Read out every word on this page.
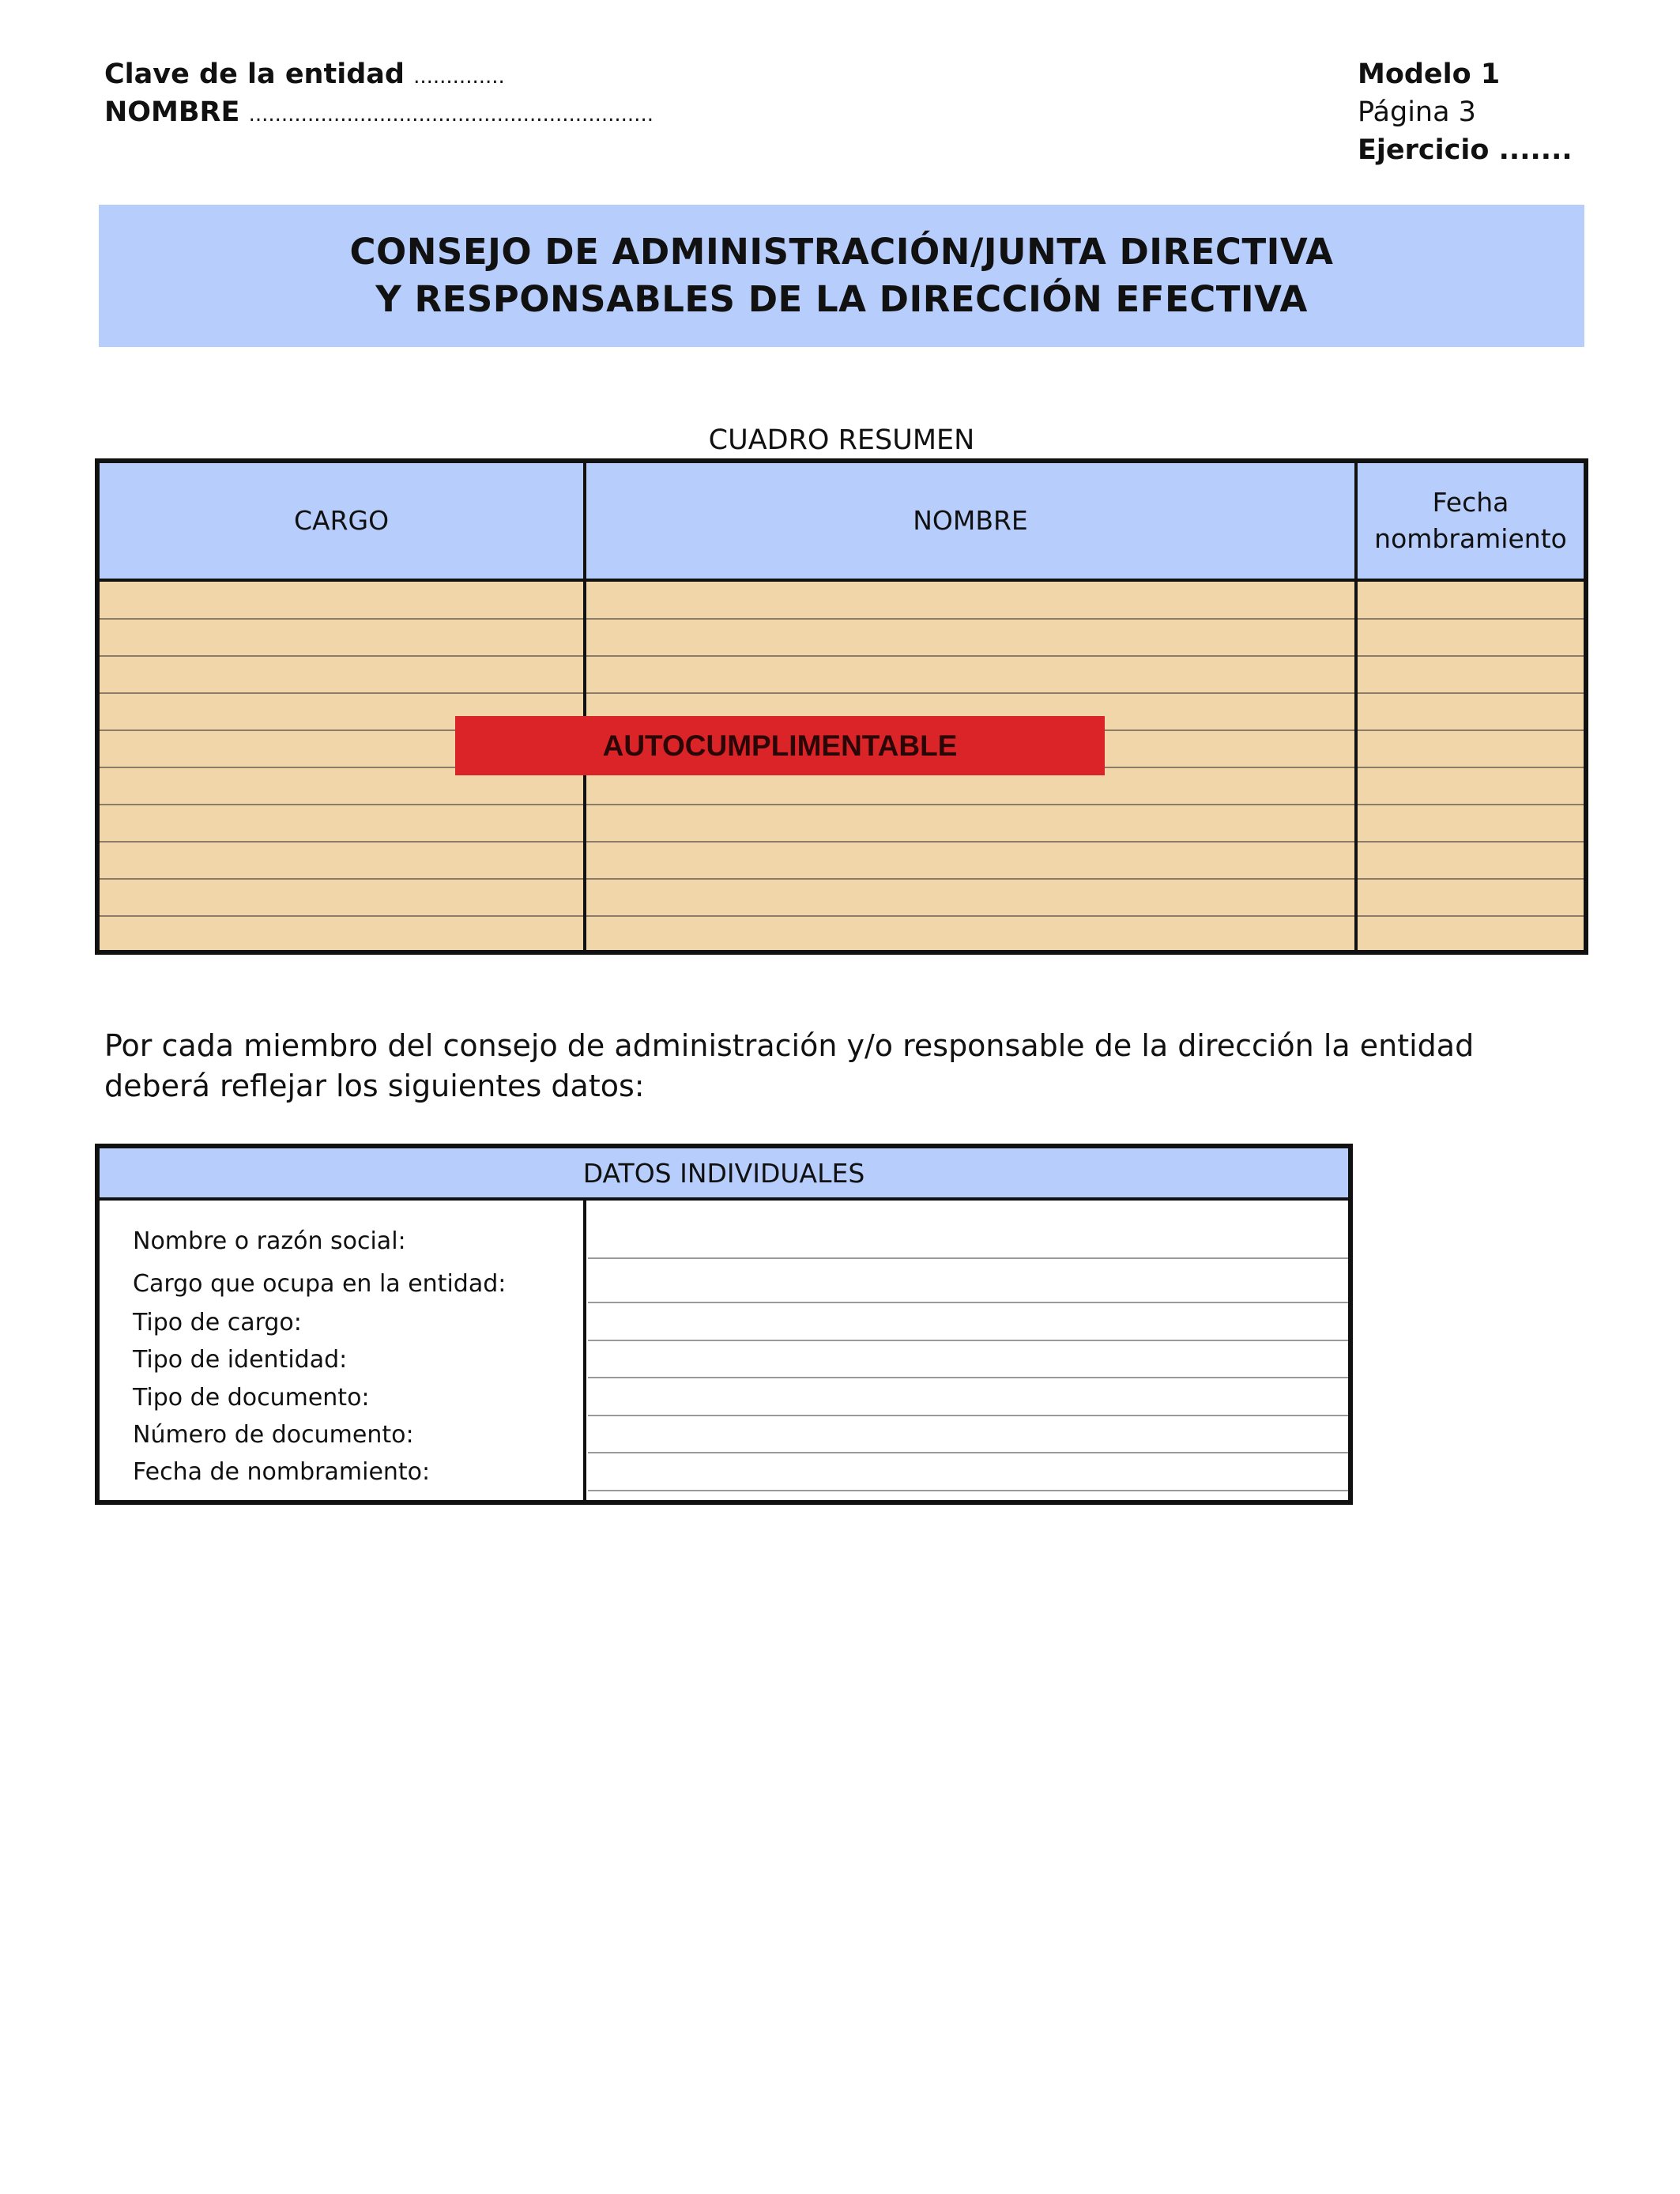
Clave de la entidad ..............
NOMBRE ..............................................................
Modelo 1
Página 3
Ejercicio .......
CONSEJO DE ADMINISTRACIÓN/JUNTA DIRECTIVA
Y RESPONSABLES DE LA DIRECCIÓN EFECTIVA
CUADRO RESUMEN
CARGO	NOMBRE
Fecha nombramiento
AUTOCUMPLIMENTABLE
Por cada miembro del consejo de administración y/o responsable de la dirección la entidad deberá reflejar los siguientes datos:
DATOS INDIVIDUALES
Nombre o razón social:
Cargo que ocupa en la entidad:
Tipo de cargo:
Tipo de identidad:
Tipo de documento:
Número de documento:
Fecha de nombramiento:
